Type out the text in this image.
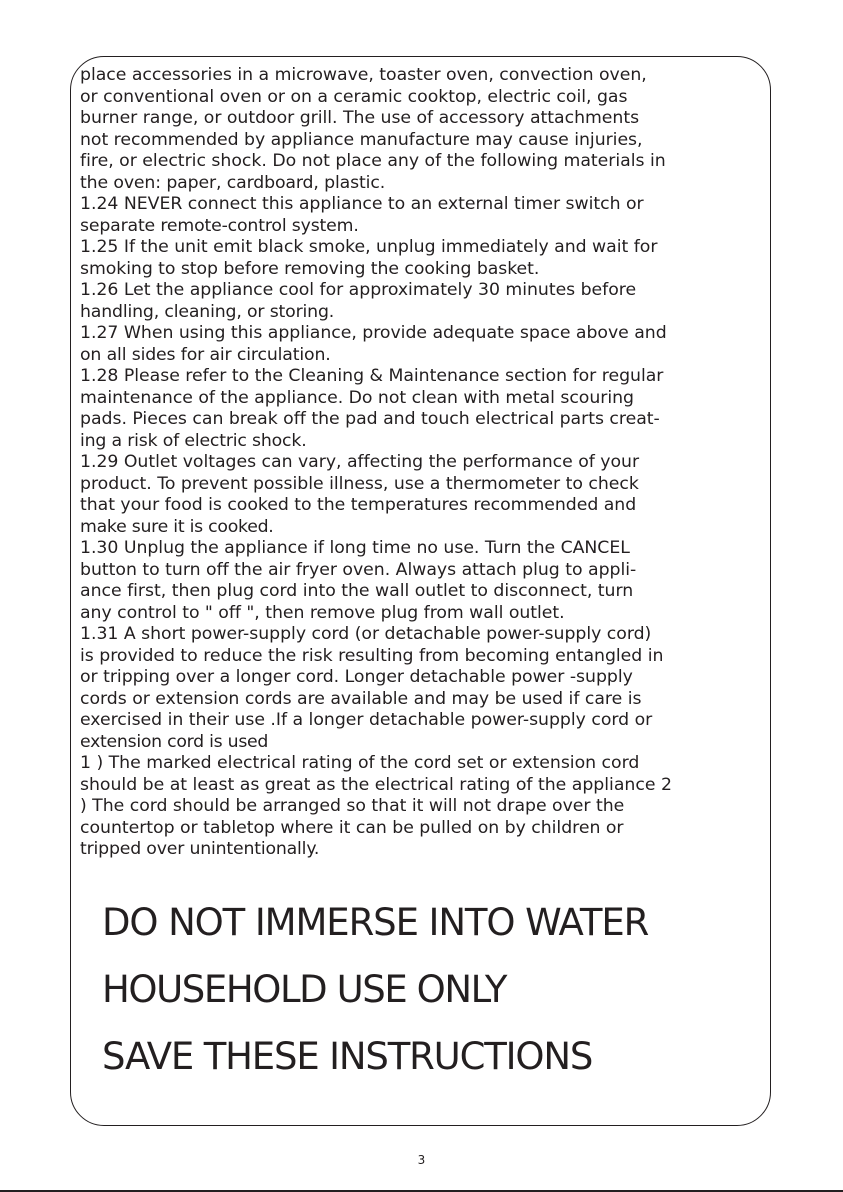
place accessories in a microwave, toaster oven, convection oven,
or conventional oven or on a ceramic cooktop, electric coil, gas
burner range, or outdoor grill. The use of accessory attachments
not recommended by appliance manufacture may cause injuries,
fire, or electric shock. Do not place any of the following materials in
the oven: paper, cardboard, plastic.
1.24 NEVER connect this appliance to an external timer switch or
separate remote-control system.
1.25 If the unit emit black smoke, unplug immediately and wait for
smoking to stop before removing the cooking basket.
1.26 Let the appliance cool for approximately 30 minutes before
handling, cleaning, or storing.
1.27 When using this appliance, provide adequate space above and
on all sides for air circulation.
1.28 Please refer to the Cleaning & Maintenance section for regular
maintenance of the appliance. Do not clean with metal scouring
pads. Pieces can break off the pad and touch electrical parts creat-
ing a risk of electric shock.
1.29 Outlet voltages can vary, affecting the performance of your
product. To prevent possible illness, use a thermometer to check
that your food is cooked to the temperatures recommended and
make sure it is cooked.
1.30 Unplug the appliance if long time no use. Turn the CANCEL
button to turn off the air fryer oven. Always attach plug to appli-
ance first, then plug cord into the wall outlet to disconnect, turn
any control to " off ", then remove plug from wall outlet.
1.31 A short power-supply cord (or detachable power-supply cord)
is provided to reduce the risk resulting from becoming entangled in
or tripping over a longer cord. Longer detachable power -supply
cords or extension cords are available and may be used if care is
exercised in their use .If a longer detachable power-supply cord or
extension cord is used
1 ) The marked electrical rating of the cord set or extension cord
should be at least as great as the electrical rating of the appliance 2
) The cord should be arranged so that it will not drape over the
countertop or tabletop where it can be pulled on by children or
tripped over unintentionally.
DO NOT IMMERSE INTO WATER
HOUSEHOLD USE ONLY
SAVE THESE INSTRUCTIONS
3
